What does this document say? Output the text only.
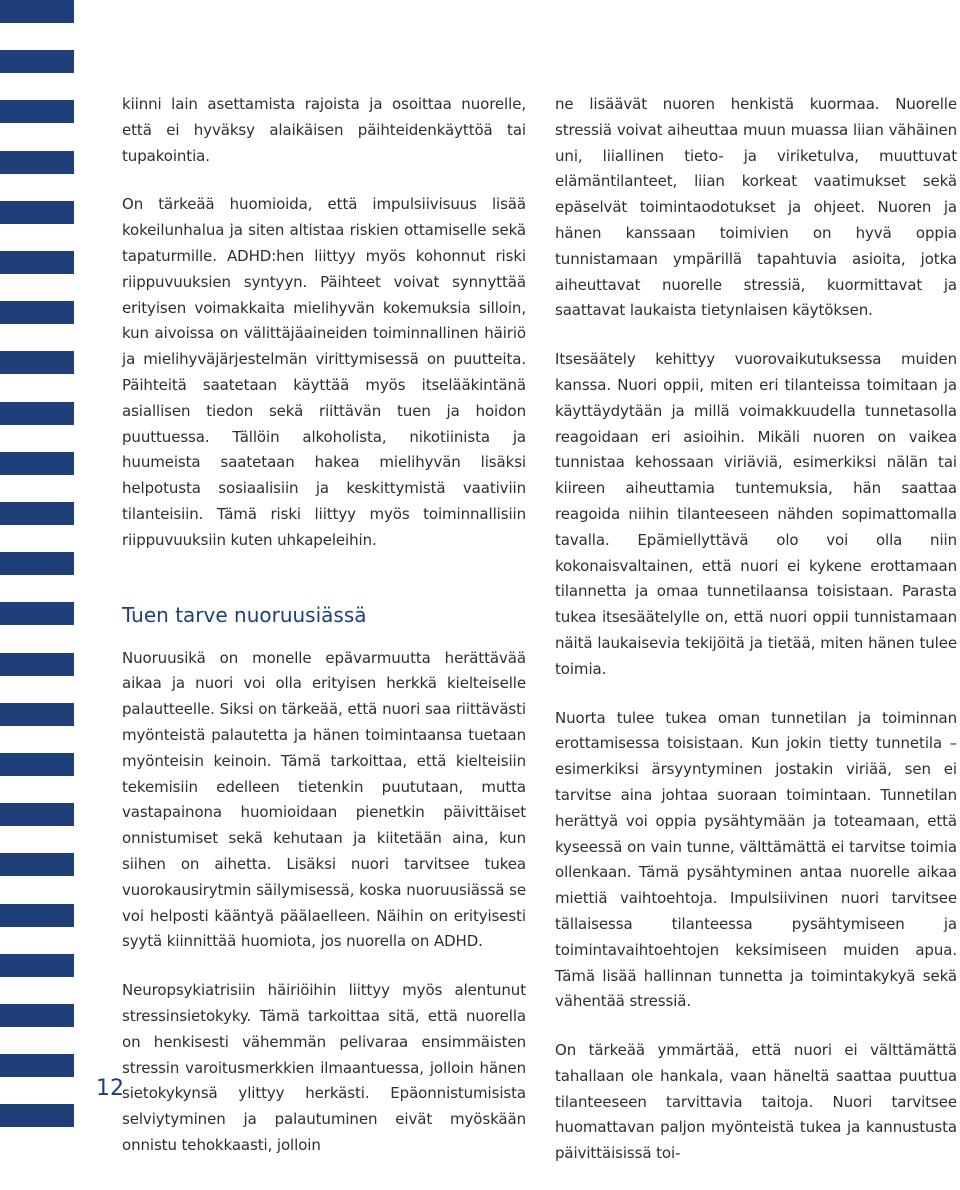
kiinni lain asettamista rajoista ja osoittaa nuorelle, että ei hyväksy alaikäisen päihteidenkäyttöä tai tupakointia.

On tärkeää huomioida, että impulsiivisuus lisää kokeilunhalua ja siten altistaa riskien ottamiselle sekä tapaturmille. ADHD:hen liittyy myös kohonnut riski riippuvuuksien syntyyn. Päihteet voivat synnyttää erityisen voimakkaita mielihyvän kokemuksia silloin, kun aivoissa on välittäjäaineiden toiminnallinen häiriö ja mielihyväjärjestelmän virittymisessä on puutteita. Päihteitä saatetaan käyttää myös itselääkintänä asiallisen tiedon sekä riittävän tuen ja hoidon puuttuessa. Tällöin alkoholista, nikotiinista ja huumeista saatetaan hakea mielihyvän lisäksi helpotusta sosiaalisiin ja keskittymistä vaativiin tilanteisiin. Tämä riski liittyy myös toiminnallisiin riippuvuuksiin kuten uhkapeleihin.

Tuen tarve nuoruusiässä

Nuoruusikä on monelle epävarmuutta herättävää aikaa ja nuori voi olla erityisen herkkä kielteiselle palautteelle. Siksi on tärkeää, että nuori saa riittävästi myönteistä palautetta ja hänen toimintaansa tuetaan myönteisin keinoin. Tämä tarkoittaa, että kielteisiin tekemisiin edelleen tietenkin puututaan, mutta vastapainona huomioidaan pienetkin päivittäiset onnistumiset sekä kehutaan ja kiitetään aina, kun siihen on aihetta. Lisäksi nuori tarvitsee tukea vuorokausirytmin säilymisessä, koska nuoruusiässä se voi helposti kääntyä päälaelleen. Näihin on erityisesti syytä kiinnittää huomiota, jos nuorella on ADHD.

Neuropsykiatrisiin häiriöihin liittyy myös alentunut stressinsietokyky. Tämä tarkoittaa sitä, että nuorella on henkisesti vähemmän pelivaraa ensimmäisten stressin varoitusmerkkien ilmaantuessa, jolloin hänen sietokykynsä ylittyy herkästi. Epäonnistumisista selviytyminen ja palautuminen eivät myöskään onnistu tehokkaasti, jolloin

ne lisäävät nuoren henkistä kuormaa. Nuorelle stressiä voivat aiheuttaa muun muassa liian vähäinen uni, liiallinen tieto- ja viriketulva, muuttuvat elämäntilanteet, liian korkeat vaatimukset sekä epäselvät toimintaodotukset ja ohjeet. Nuoren ja hänen kanssaan toimivien on hyvä oppia tunnistamaan ympärillä tapahtuvia asioita, jotka aiheuttavat nuorelle stressiä, kuormittavat ja saattavat laukaista tietynlaisen käytöksen.

Itsesäätely kehittyy vuorovaikutuksessa muiden kanssa. Nuori oppii, miten eri tilanteissa toimitaan ja käyttäydytään ja millä voimakkuudella tunnetasolla reagoidaan eri asioihin. Mikäli nuoren on vaikea tunnistaa kehossaan viriäviä, esimerkiksi nälän tai kiireen aiheuttamia tuntemuksia, hän saattaa reagoida niihin tilanteeseen nähden sopimattomalla tavalla. Epämiellyttävä olo voi olla niin kokonaisvaltainen, että nuori ei kykene erottamaan tilannetta ja omaa tunnetilaansa toisistaan. Parasta tukea itsesäätelylle on, että nuori oppii tunnistamaan näitä laukaisevia tekijöitä ja tietää, miten hänen tulee toimia.

Nuorta tulee tukea oman tunnetilan ja toiminnan erottamisessa toisistaan. Kun jokin tietty tunnetila – esimerkiksi ärsyyntyminen jostakin viriää, sen ei tarvitse aina johtaa suoraan toimintaan. Tunnetilan herättyä voi oppia pysähtymään ja toteamaan, että kyseessä on vain tunne, välttämättä ei tarvitse toimia ollenkaan. Tämä pysähtyminen antaa nuorelle aikaa miettiä vaihtoehtoja. Impulsiivinen nuori tarvitsee tällaisessa tilanteessa pysähtymiseen ja toimintavaihtoehtojen keksimiseen muiden apua. Tämä lisää hallinnan tunnetta ja toimintakykyä sekä vähentää stressiä.

On tärkeää ymmärtää, että nuori ei välttämättä tahallaan ole hankala, vaan häneltä saattaa puuttua tilanteeseen tarvittavia taitoja. Nuori tarvitsee huomattavan paljon myönteistä tukea ja kannustusta päivittäisissä toi-

12
